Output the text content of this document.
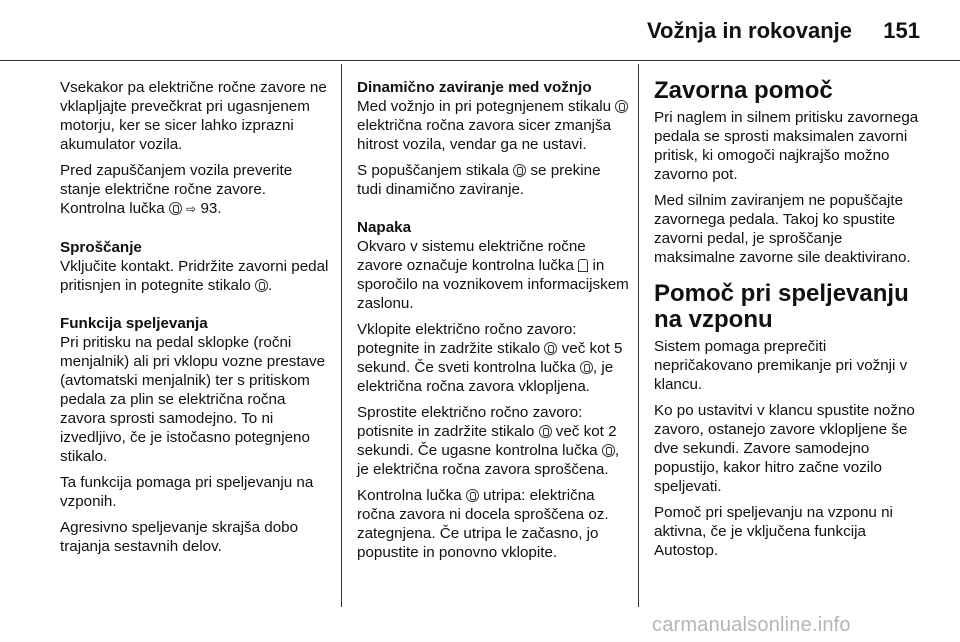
Vožnja in rokovanje 151

Vsekakor pa električne ročne zavore ne vklapljajte prevečkrat pri ugasnjenem motorju, ker se sicer lahko izprazni akumulator vozila.

Pred zapuščanjem vozila preverite stanje električne ročne zavore. Kontrolna lučka ⇨ 93.

Sproščanje

Vključite kontakt. Pridržite zavorni pedal pritisnjen in potegnite stikalo .

Funkcija speljevanja

Pri pritisku na pedal sklopke (ročni menjalnik) ali pri vklopu vozne prestave (avtomatski menjalnik) ter s pritiskom pedala za plin se električna ročna zavora sprosti samodejno. To ni izvedljivo, če je istočasno potegnjeno stikalo.

Ta funkcija pomaga pri speljevanju na vzponih.

Agresivno speljevanje skrajša dobo trajanja sestavnih delov.

Dinamično zaviranje med vožnjo

Med vožnjo in pri potegnjenem stikalu  električna ročna zavora sicer zmanjša hitrost vozila, vendar ga ne ustavi.

S popuščanjem stikala se prekine tudi dinamično zaviranje.

Napaka

Okvaro v sistemu električne ročne zavore označuje kontrolna lučka in sporočilo na voznikovem informacijskem zaslonu.

Vklopite električno ročno zavoro: potegnite in zadržite stikalo več kot 5 sekund. Če sveti kontrolna lučka , je električna ročna zavora vklopljena.

Sprostite električno ročno zavoro: potisnite in zadržite stikalo več kot 2 sekundi. Če ugasne kontrolna lučka , je električna ročna zavora sproščena.

Kontrolna lučka utripa: električna ročna zavora ni docela sproščena oz. zategnjena. Če utripa le začasno, jo popustite in ponovno vklopite.

Zavorna pomoč

Pri naglem in silnem pritisku zavornega pedala se sprosti maksimalen zavorni pritisk, ki omogoči najkrajšo možno zavorno pot.

Med silnim zaviranjem ne popuščajte zavornega pedala. Takoj ko spustite zavorni pedal, je sproščanje maksimalne zavorne sile deaktivirano.

Pomoč pri speljevanju na vzponu

Sistem pomaga preprečiti nepričakovano premikanje pri vožnji v klancu.

Ko po ustavitvi v klancu spustite nožno zavoro, ostanejo zavore vklopljene še dve sekundi. Zavore samodejno popustijo, kakor hitro začne vozilo speljevati.

Pomoč pri speljevanju na vzponu ni aktivna, če je vključena funkcija Autostop.

carmanualsonline.info
